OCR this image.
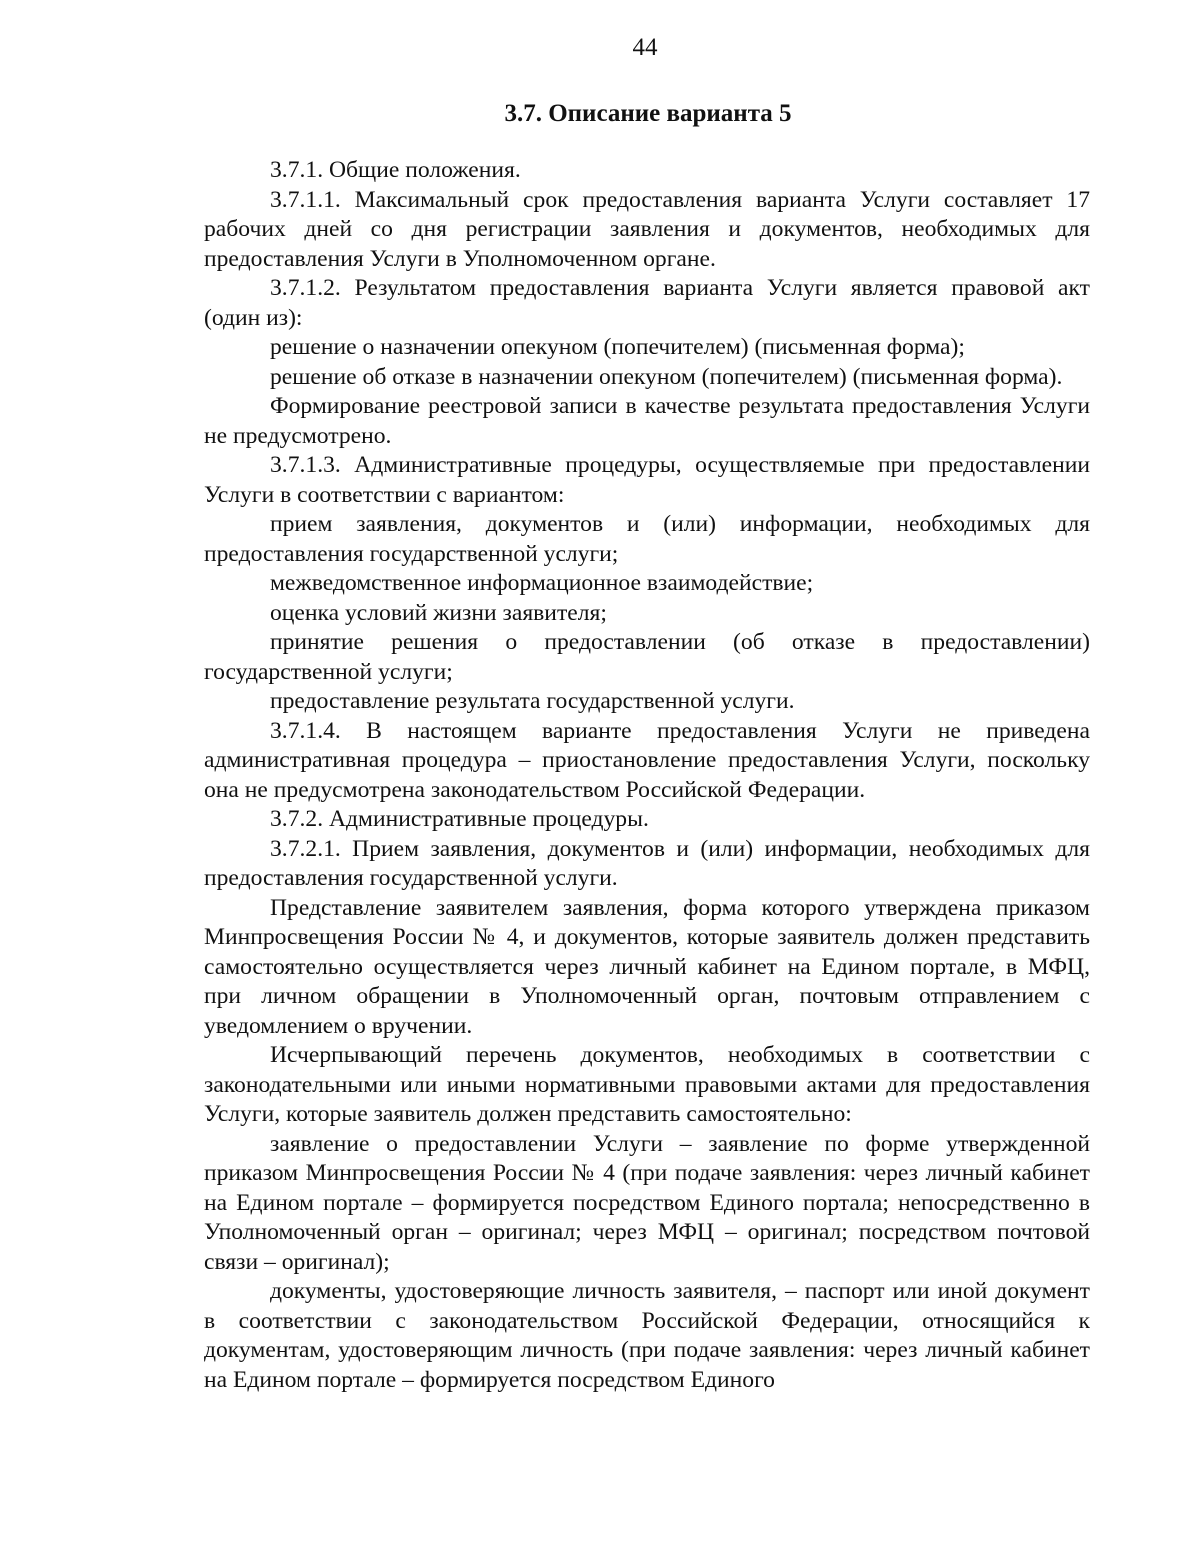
44
3.7. Описание варианта 5

3.7.1. Общие положения.

3.7.1.1. Максимальный срок предоставления варианта Услуги составляет 17 рабочих дней со дня регистрации заявления и документов, необходимых для предоставления Услуги в Уполномоченном органе.

3.7.1.2. Результатом предоставления варианта Услуги является правовой акт (один из):

решение о назначении опекуном (попечителем) (письменная форма);

решение об отказе в назначении опекуном (попечителем) (письменная форма).

Формирование реестровой записи в качестве результата предоставления Услуги не предусмотрено.

3.7.1.3. Административные процедуры, осуществляемые при предоставлении Услуги в соответствии с вариантом:

прием заявления, документов и (или) информации, необходимых для предоставления государственной услуги;

межведомственное информационное взаимодействие;

оценка условий жизни заявителя;

принятие решения о предоставлении (об отказе в предоставлении) государственной услуги;

предоставление результата государственной услуги.

3.7.1.4. В настоящем варианте предоставления Услуги не приведена административная процедура – приостановление предоставления Услуги, поскольку она не предусмотрена законодательством Российской Федерации.

3.7.2. Административные процедуры.

3.7.2.1. Прием заявления, документов и (или) информации, необходимых для предоставления государственной услуги.

Представление заявителем заявления, форма которого утверждена приказом Минпросвещения России № 4, и документов, которые заявитель должен представить самостоятельно осуществляется через личный кабинет на Едином портале, в МФЦ, при личном обращении в Уполномоченный орган, почтовым отправлением с уведомлением о вручении.

Исчерпывающий перечень документов, необходимых в соответствии с законодательными или иными нормативными правовыми актами для предоставления Услуги, которые заявитель должен представить самостоятельно:

заявление о предоставлении Услуги – заявление по форме утвержденной приказом Минпросвещения России № 4 (при подаче заявления: через личный кабинет на Едином портале – формируется посредством Единого портала; непосредственно в Уполномоченный орган – оригинал; через МФЦ – оригинал; посредством почтовой связи – оригинал);

документы, удостоверяющие личность заявителя, – паспорт или иной документ в соответствии с законодательством Российской Федерации, относящийся к документам, удостоверяющим личность (при подаче заявления: через личный кабинет на Едином портале – формируется посредством Единого
